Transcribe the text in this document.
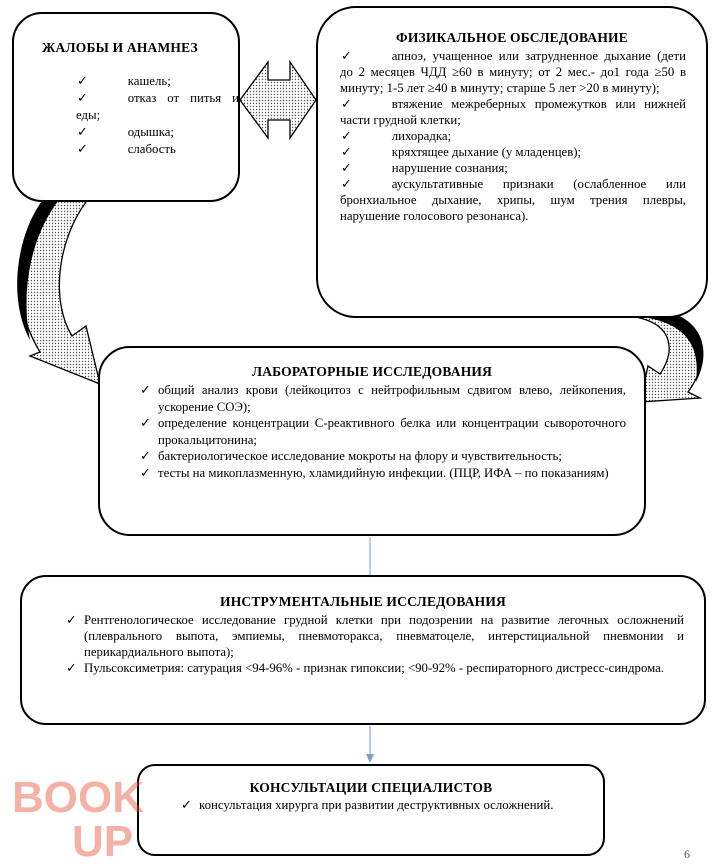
ЖАЛОБЫ И АНАМНЕЗ

✓	кашель;
✓	отказ от питья и еды;
✓	одышка;
✓	слабость

ФИЗИКАЛЬНОЕ ОБСЛЕДОВАНИЕ

✓	апноэ, учащенное или затрудненное дыхание (дети до 2 месяцев ЧДД ≥60 в минуту; от 2 мес.- до1 года ≥50 в минуту; 1-5 лет ≥40 в минуту; старше 5 лет >20 в минуту);
✓	втяжение межреберных промежутков или нижней части грудной клетки;
✓	лихорадка;
✓	кряхтящее дыхание (у младенцев);
✓	нарушение сознания;
✓	аускультативные признаки (ослабленное или бронхиальное дыхание, хрипы, шум трения плевры, нарушение голосового резонанса).

ЛАБОРАТОРНЫЕ ИССЛЕДОВАНИЯ

✓ общий анализ крови (лейкоцитоз с нейтрофильным сдвигом влево, лейкопения, ускорение СОЭ);
✓ определение концентрации С-реактивного белка или концентрации сывороточного прокальцитонина;
✓ бактериологическое исследование мокроты на флору и чувствительность;
✓ тесты на микоплазменную, хламидийную инфекции. (ПЦР, ИФА – по показаниям)

ИНСТРУМЕНТАЛЬНЫЕ ИССЛЕДОВАНИЯ

✓ Рентгенологическое исследование грудной клетки при подозрении на развитие легочных осложнений (плеврального выпота, эмпиемы, пневмоторакса, пневматоцеле, интерстициальной пневмонии и перикардиального выпота);
✓ Пульсоксиметрия: сатурация <94-96% - признак гипоксии; <90-92% - респираторного дистресс-синдрома.

КОНСУЛЬТАЦИИ СПЕЦИАЛИСТОВ

✓ консультация хирурга при развитии деструктивных осложнений.
BOOK
UP	6
